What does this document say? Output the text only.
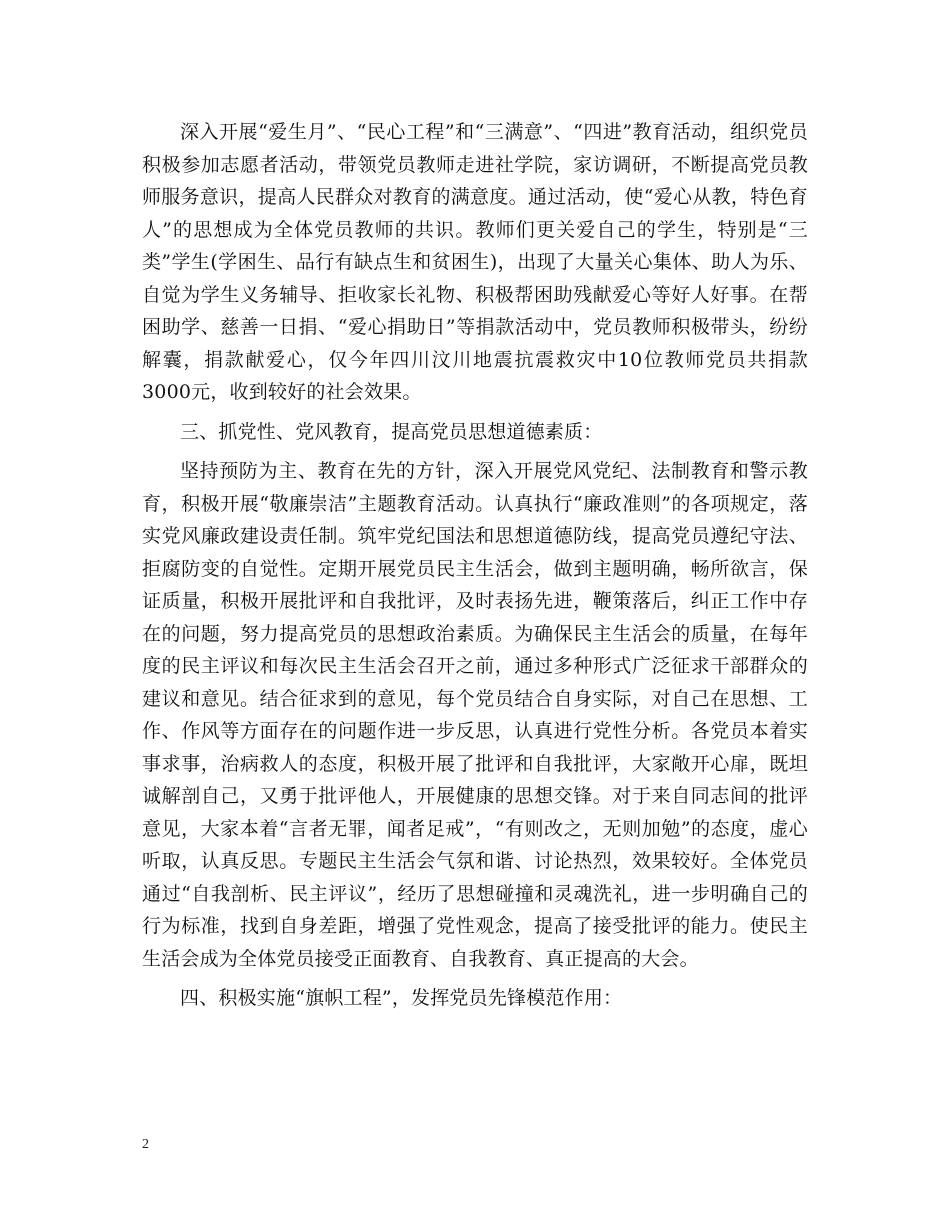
深入开展“爱生月”、“民心工程”和“三满意”、“四进”教育活动，组织党员积极参加志愿者活动，带领党员教师走进社学院，家访调研，不断提高党员教师服务意识，提高人民群众对教育的满意度。通过活动，使“爱心从教，特色育人”的思想成为全体党员教师的共识。教师们更关爱自己的学生，特别是“三类”学生(学困生、品行有缺点生和贫困生)，出现了大量关心集体、助人为乐、自觉为学生义务辅导、拒收家长礼物、积极帮困助残献爱心等好人好事。在帮困助学、慈善一日捐、“爱心捐助日”等捐款活动中，党员教师积极带头，纷纷解囊，捐款献爱心，仅今年四川汶川地震抗震救灾中10位教师党员共捐款3000元，收到较好的社会效果。

三、抓党性、党风教育，提高党员思想道德素质：

坚持预防为主、教育在先的方针，深入开展党风党纪、法制教育和警示教育，积极开展“敬廉崇洁”主题教育活动。认真执行“廉政准则”的各项规定，落实党风廉政建设责任制。筑牢党纪国法和思想道德防线，提高党员遵纪守法、拒腐防变的自觉性。定期开展党员民主生活会，做到主题明确，畅所欲言，保证质量，积极开展批评和自我批评，及时表扬先进，鞭策落后，纠正工作中存在的问题，努力提高党员的思想政治素质。为确保民主生活会的质量，在每年度的民主评议和每次民主生活会召开之前，通过多种形式广泛征求干部群众的建议和意见。结合征求到的意见，每个党员结合自身实际，对自己在思想、工作、作风等方面存在的问题作进一步反思，认真进行党性分析。各党员本着实事求事，治病救人的态度，积极开展了批评和自我批评，大家敞开心扉，既坦诚解剖自己，又勇于批评他人，开展健康的思想交锋。对于来自同志间的批评意见，大家本着“言者无罪，闻者足戒”，“有则改之，无则加勉”的态度，虚心听取，认真反思。专题民主生活会气氛和谐、讨论热烈，效果较好。全体党员通过“自我剖析、民主评议”，经历了思想碰撞和灵魂洗礼，进一步明确自己的行为标准，找到自身差距，增强了党性观念，提高了接受批评的能力。使民主生活会成为全体党员接受正面教育、自我教育、真正提高的大会。

四、积极实施“旗帜工程”，发挥党员先锋模范作用：

2
